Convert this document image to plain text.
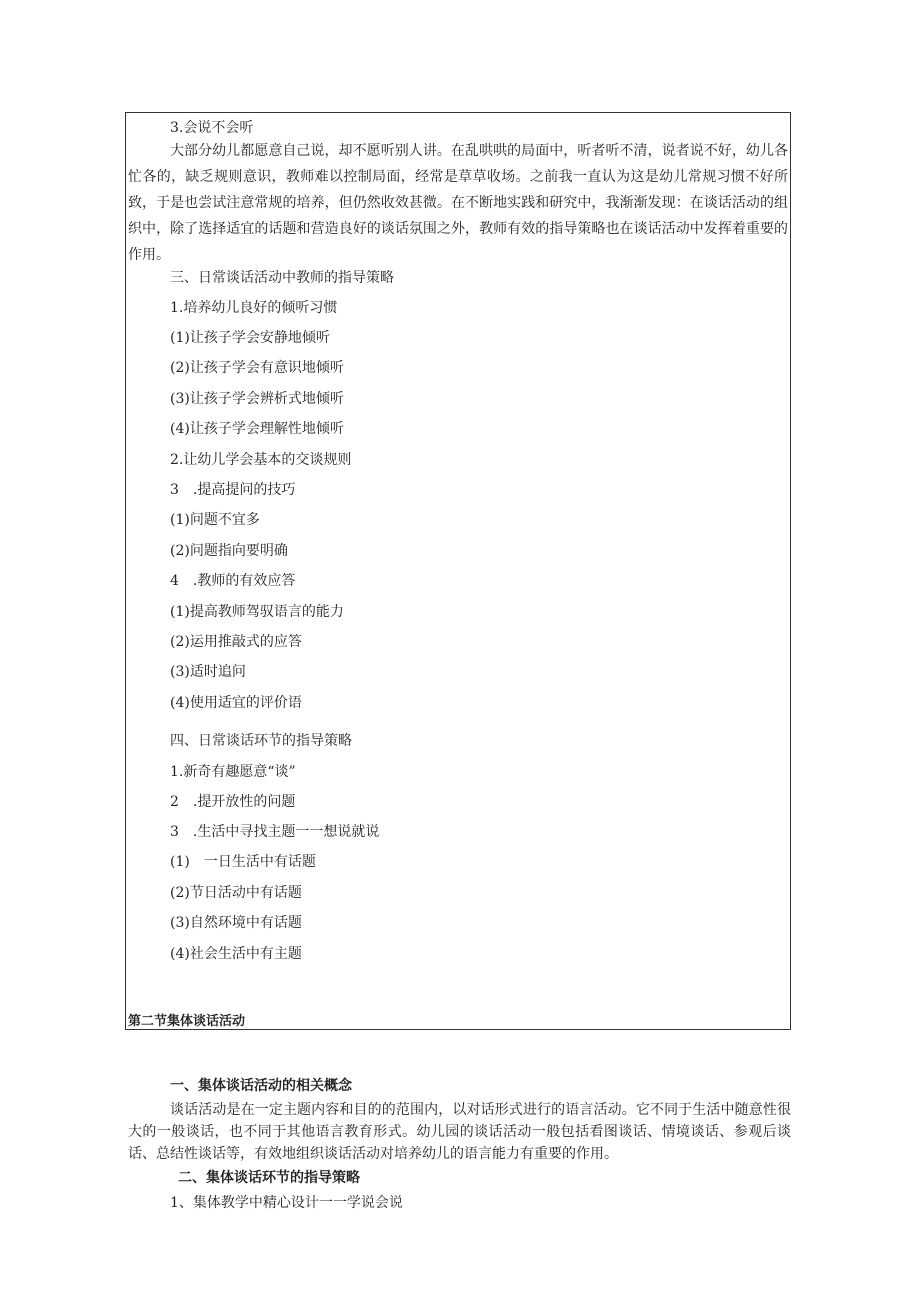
3.会说不会听

大部分幼儿都愿意自己说，却不愿听别人讲。在乱哄哄的局面中，听者听不清，说者说不好，幼儿各忙各的，缺乏规则意识，教师难以控制局面，经常是草草收场。之前我一直认为这是幼儿常规习惯不好所致，于是也尝试注意常规的培养，但仍然收效甚微。在不断地实践和研究中，我渐渐发现：在谈话活动的组织中，除了选择适宜的话题和营造良好的谈话氛围之外，教师有效的指导策略也在谈话活动中发挥着重要的作用。

三、日常谈话活动中教师的指导策略
1.培养幼儿良好的倾听习惯
(1)让孩子学会安静地倾听
(2)让孩子学会有意识地倾听
(3)让孩子学会辨析式地倾听
(4)让孩子学会理解性地倾听
2.让幼儿学会基本的交谈规则
3　.提高提问的技巧
(1)问题不宜多
(2)问题指向要明确
4　.教师的有效应答
(1)提高教师驾驭语言的能力
(2)运用推敲式的应答
(3)适时追问
(4)使用适宜的评价语
四、日常谈话环节的指导策略
1.新奇有趣愿意“谈”
2　.提开放性的问题
3　.生活中寻找主题一一想说就说
(1)　一日生活中有话题
(2)节日活动中有话题
(3)自然环境中有话题
(4)社会生活中有主题
第二节集体谈话活动
一、集体谈话活动的相关概念

谈话活动是在一定主题内容和目的的范围内，以对话形式进行的语言活动。它不同于生活中随意性很大的一般谈话，也不同于其他语言教育形式。幼儿园的谈话活动一般包括看图谈话、情境谈话、参观后谈话、总结性谈话等，有效地组织谈话活动对培养幼儿的语言能力有重要的作用。

二、集体谈话环节的指导策略
1、集体教学中精心设计一一学说会说
